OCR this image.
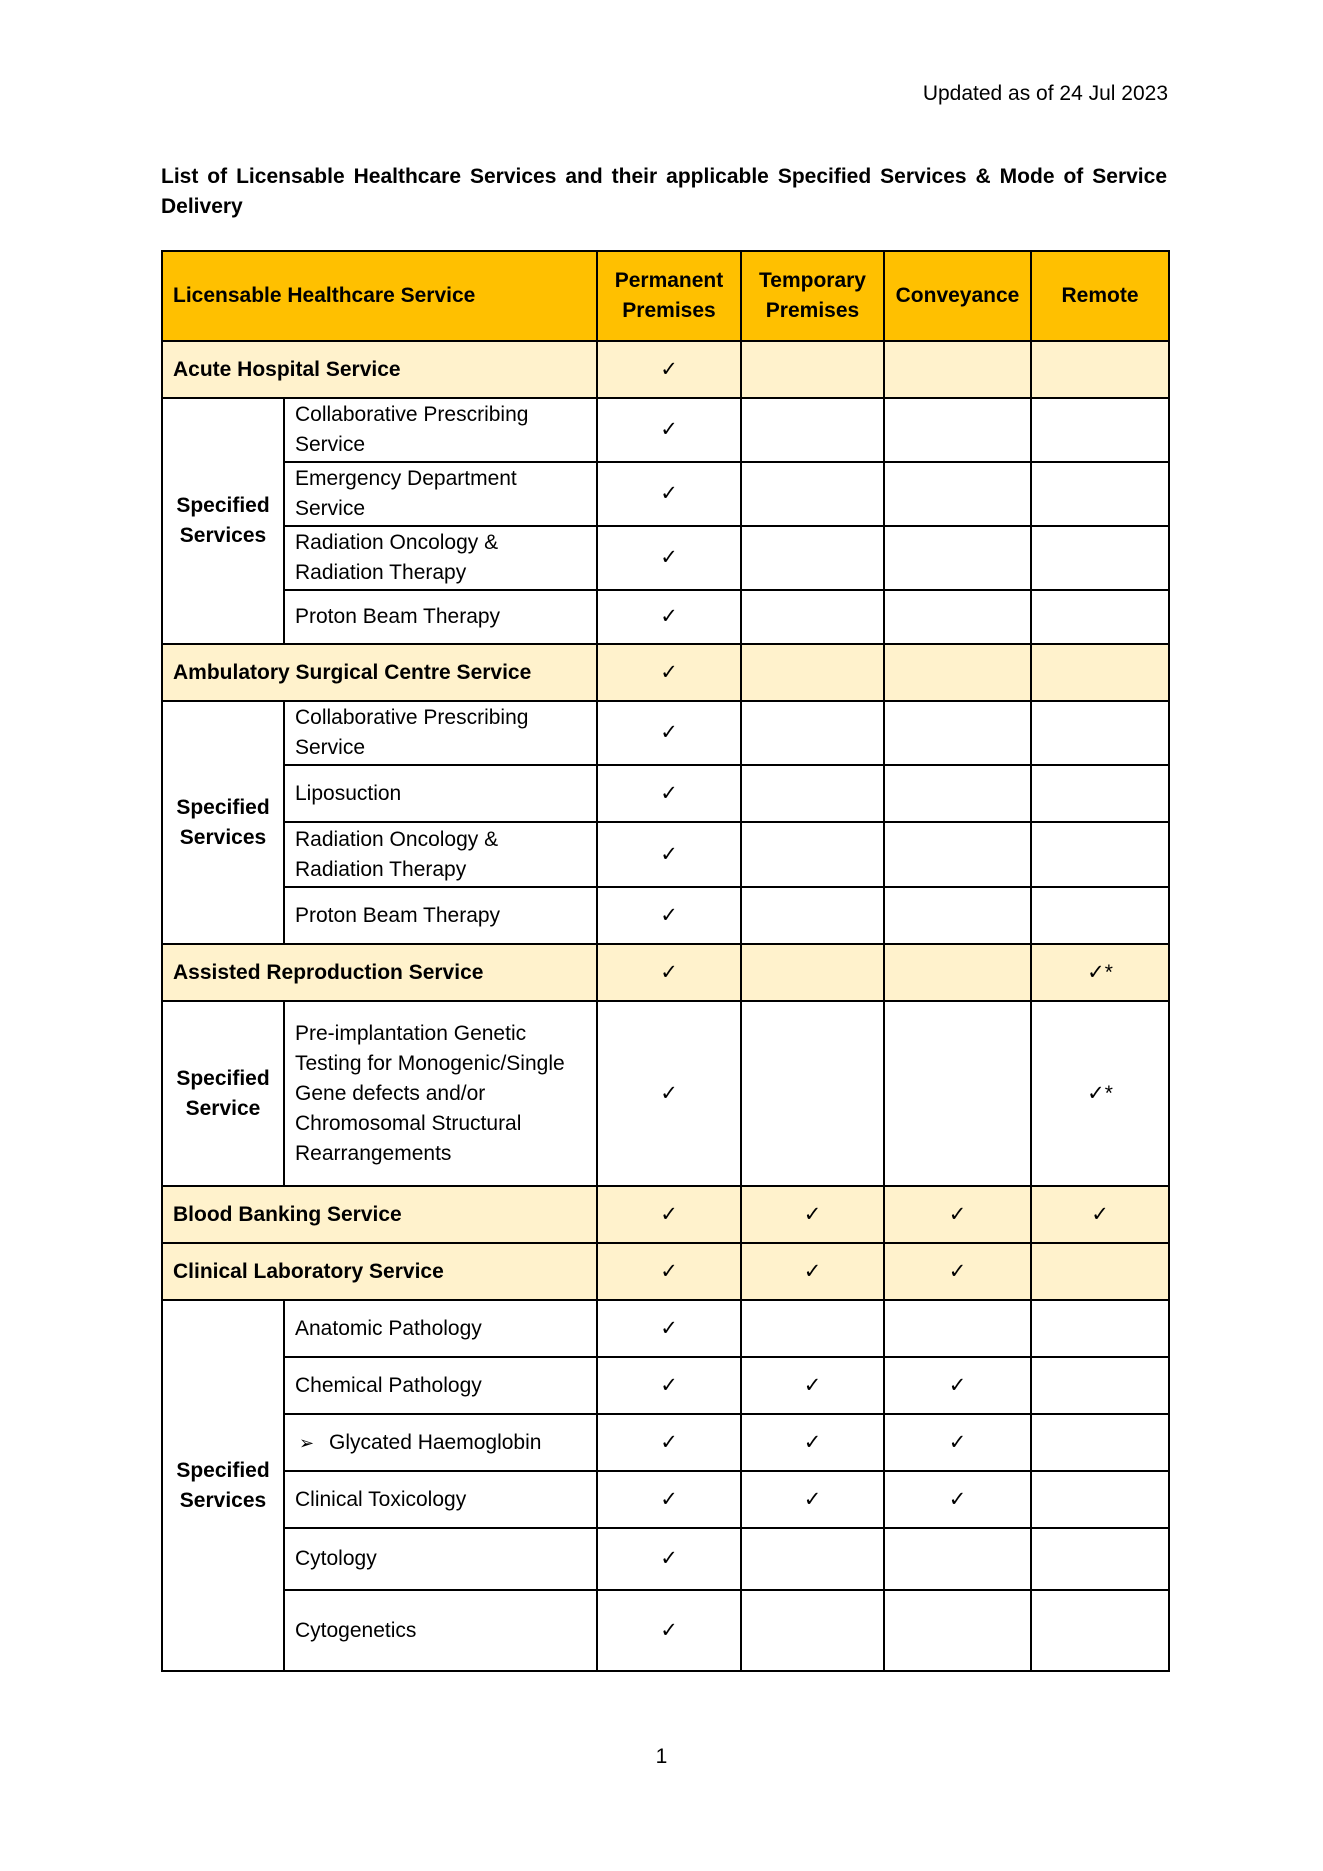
Updated as of 24 Jul 2023
List of Licensable Healthcare Services and their applicable Specified Services & Mode of Service Delivery
Licensable Healthcare Service		Permanent Premises	Temporary Premises	Conveyance	Remote
Acute Hospital Service		✓			
Specified Services	Collaborative Prescribing Service	✓			
	Emergency Department Service	✓			
	Radiation Oncology & Radiation Therapy	✓			
	Proton Beam Therapy	✓			
Ambulatory Surgical Centre Service		✓			
Specified Services	Collaborative Prescribing Service	✓			
	Liposuction	✓			
	Radiation Oncology & Radiation Therapy	✓			
	Proton Beam Therapy	✓			
Assisted Reproduction Service		✓			✓*
Specified Service	Pre-implantation Genetic Testing for Monogenic/Single Gene defects and/or Chromosomal Structural Rearrangements	✓			✓*
Blood Banking Service		✓	✓	✓	✓
Clinical Laboratory Service		✓	✓	✓	
Specified Services	Anatomic Pathology	✓			
	Chemical Pathology	✓	✓	✓	
	➢ Glycated Haemoglobin	✓	✓	✓	
	Clinical Toxicology	✓	✓	✓	
	Cytology	✓			
	Cytogenetics	✓			
1
